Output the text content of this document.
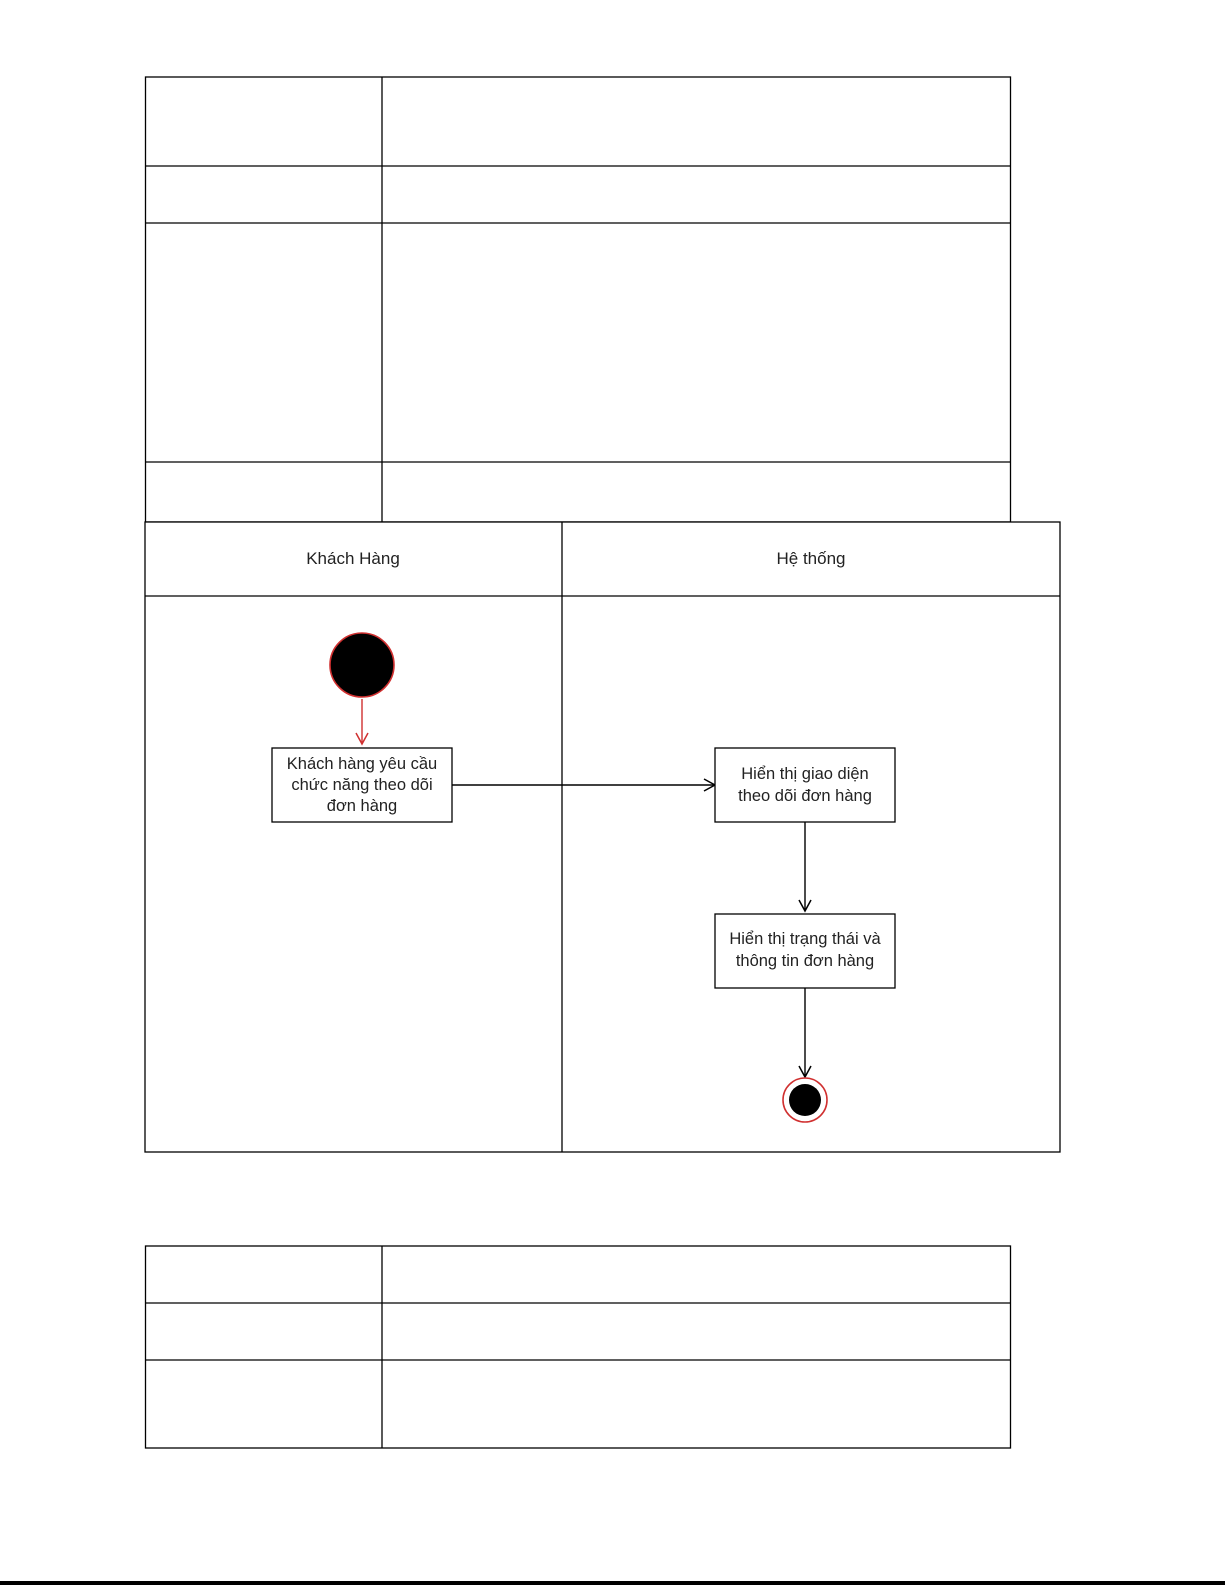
Khách Hàng	Hệ thống
Khách hàng yêu cầu
chức năng theo dõi
đơn hàng
Hiển thị giao diện
theo dõi đơn hàng
Hiển thị trạng thái và
thông tin đơn hàng
